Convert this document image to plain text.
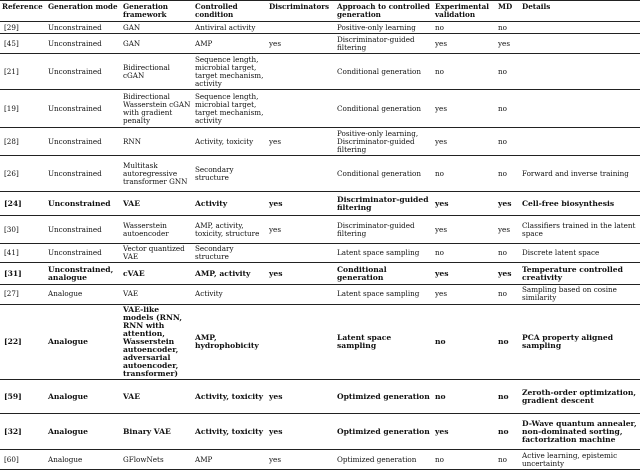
Reference	Generation mode	Generation framework	Controlled condition	Discriminators	Approach to controlled generation	Experimental validation	MD	Details
[29]	Unconstrained	GAN	Antiviral activity		Positive-only learning	no	no	
[45]	Unconstrained	GAN	AMP	yes	Discriminator-guided filtering	yes	yes	
[21]	Unconstrained	Bidirectional cGAN	Sequence length, microbial target, target mechanism, activity		Conditional generation	no	no	
[19]	Unconstrained	Bidirectional Wasserstein cGAN with gradient penalty	Sequence length, microbial target, target mechanism, activity		Conditional generation	yes	no	
[28]	Unconstrained	RNN	Activity, toxicity	yes	Positive-only learning, Discriminator-guided filtering	yes	no	
[26]	Unconstrained	Multitask autoregressive transformer GNN	Secondary structure		Conditional generation	no	no	Forward and inverse training
[24]	Unconstrained	VAE	Activity	yes	Discriminator-guided filtering	yes	yes	Cell-free biosynthesis
[30]	Unconstrained	Wasserstein autoencoder	AMP, activity, toxicity, structure	yes	Discriminator-guided filtering	yes	yes	Classifiers trained in the latent space
[41]	Unconstrained	Vector quantized VAE	Secondary structure		Latent space sampling	no	no	Discrete latent space
[31]	Unconstrained, analogue	cVAE	AMP, activity	yes	Conditional generation	yes	yes	Temperature controlled creativity
[27]	Analogue	VAE	Activity		Latent space sampling	yes	no	Sampling based on cosine similarity
[22]	Analogue	VAE-like models (RNN, RNN with attention, Wasserstein autoencoder, adversarial autoencoder, transformer)	AMP, hydrophobicity		Latent space sampling	no	no	PCA property aligned sampling
[59]	Analogue	VAE	Activity, toxicity	yes	Optimized generation	no	no	Zeroth-order optimization, gradient descent
[32]	Analogue	Binary VAE	Activity, toxicity	yes	Optimized generation	yes	no	D-Wave quantum annealer, non-dominated sorting, factorization machine
[60]	Analogue	GFlowNets	AMP	yes	Optimized generation	no	no	Active learning, epistemic uncertainty
